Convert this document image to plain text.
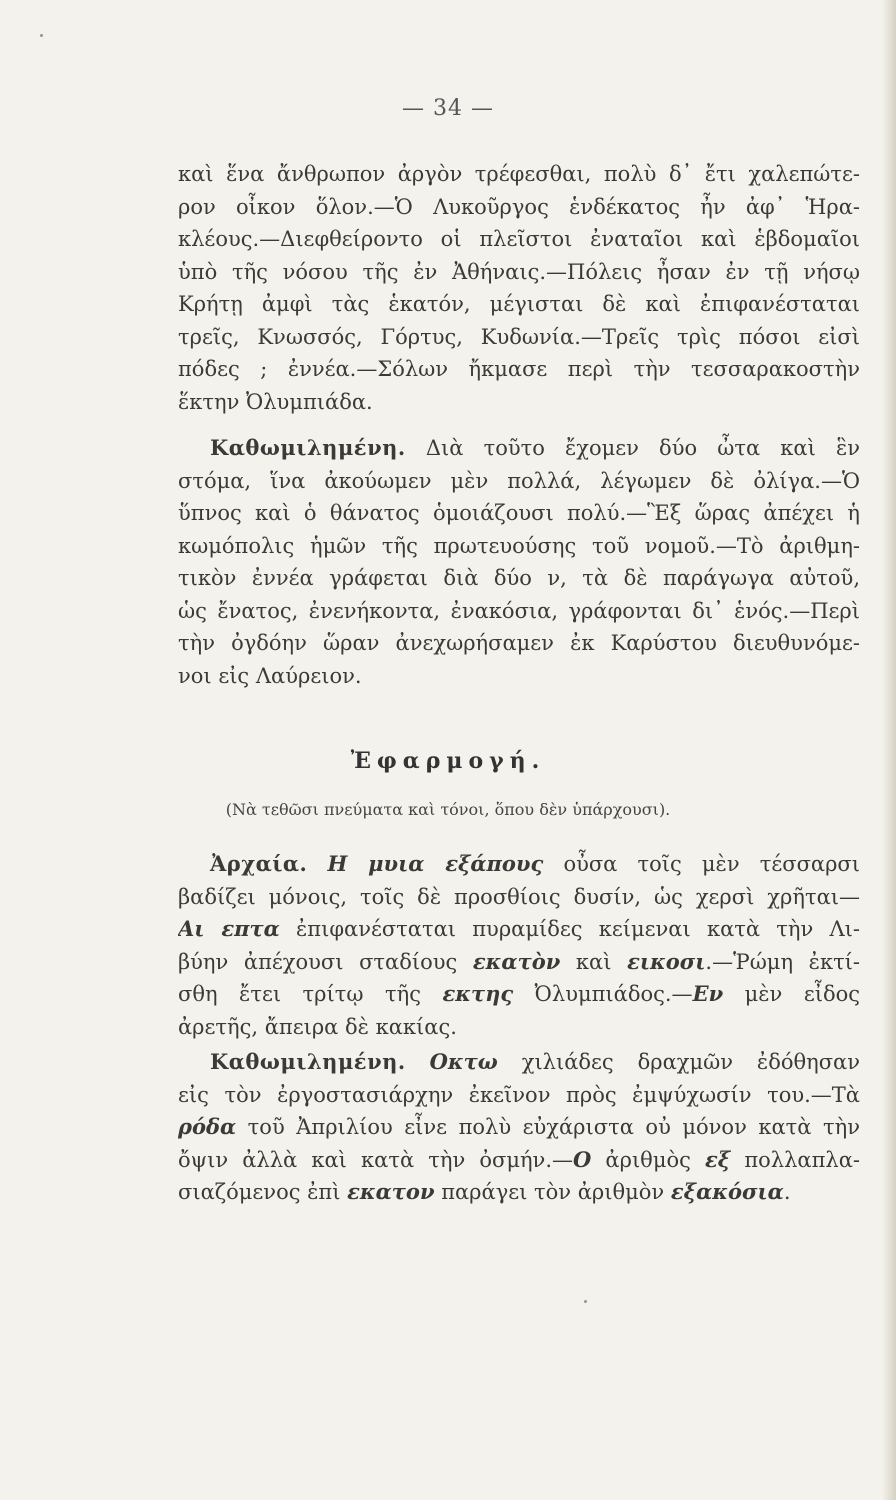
— 34 —
καὶ ἕνα ἄνθρωπον ἀργὸν τρέφεσθαι, πολὺ δ᾽ ἔτι χαλεπώτε-
ρον οἶκον ὅλον.—Ὁ Λυκοῦργος ἑνδέκατος ἦν ἀφ᾽ Ἡρα-
κλέους.—Διεφθείροντο οἱ πλεῖστοι ἐναταῖοι καὶ ἑβδομαῖοι
ὑπὸ τῆς νόσου τῆς ἐν Ἀθήναις.—Πόλεις ἦσαν ἐν τῇ νήσῳ
Κρήτῃ ἀμφὶ τὰς ἑκατόν, μέγισται δὲ καὶ ἐπιφανέσταται
τρεῖς, Κνωσσός, Γόρτυς, Κυδωνία.—Τρεῖς τρὶς πόσοι εἰσὶ
πόδες ; ἐννέα.—Σόλων ἤκμασε περὶ τὴν τεσσαρακοστὴν
ἕκτην Ὀλυμπιάδα.
Καθωμιλημένη. Διὰ τοῦτο ἔχομεν δύο ὦτα καὶ ἓν
στόμα, ἵνα ἀκούωμεν μὲν πολλά, λέγωμεν δὲ ὀλίγα.—Ὁ
ὕπνος καὶ ὁ θάνατος ὁμοιάζουσι πολύ.—Ἓξ ὥρας ἀπέχει ἡ
κωμόπολις ἡμῶν τῆς πρωτευούσης τοῦ νομοῦ.—Τὸ ἀριθμη-
τικὸν ἐννέα γράφεται διὰ δύο ν, τὰ δὲ παράγωγα αὐτοῦ,
ὡς ἔνατος, ἐνενήκοντα, ἐνακόσια, γράφονται δι᾽ ἑνός.—Περὶ
τὴν ὀγδόην ὥραν ἀνεχωρήσαμεν ἐκ Καρύστου διευθυνόμε-
νοι εἰς Λαύρειον.
Ἐφαρμογή.
(Νὰ τεθῶσι πνεύματα καὶ τόνοι, ὅπου δὲν ὑπάρχουσι).
Ἀρχαία. Η μυια εξάπους οὖσα τοῖς μὲν τέσσαρσι
βαδίζει μόνοις, τοῖς δὲ προσθίοις δυσίν, ὡς χερσὶ χρῆται—
Αι επτα ἐπιφανέσταται πυραμίδες κείμεναι κατὰ τὴν Λι-
βύην ἀπέχουσι σταδίους εκατὸν καὶ εικοσι.—Ῥώμη ἐκτί-
σθη ἔτει τρίτῳ τῆς εκτης Ὀλυμπιάδος.—Εν μὲν εἶδος
ἀρετῆς, ἄπειρα δὲ κακίας.
Καθωμιλημένη. Οκτω χιλιάδες δραχμῶν ἐδόθησαν
εἰς τὸν ἐργοστασιάρχην ἐκεῖνον πρὸς ἐμψύχωσίν του.—Τὰ
ρόδα τοῦ Ἀπριλίου εἶνε πολὺ εὐχάριστα οὐ μόνον κατὰ τὴν
ὄψιν ἀλλὰ καὶ κατὰ τὴν ὀσμήν.—Ο ἀριθμὸς εξ πολλαπλα-
σιαζόμενος ἐπὶ εκατον παράγει τὸν ἀριθμὸν εξακόσια.
